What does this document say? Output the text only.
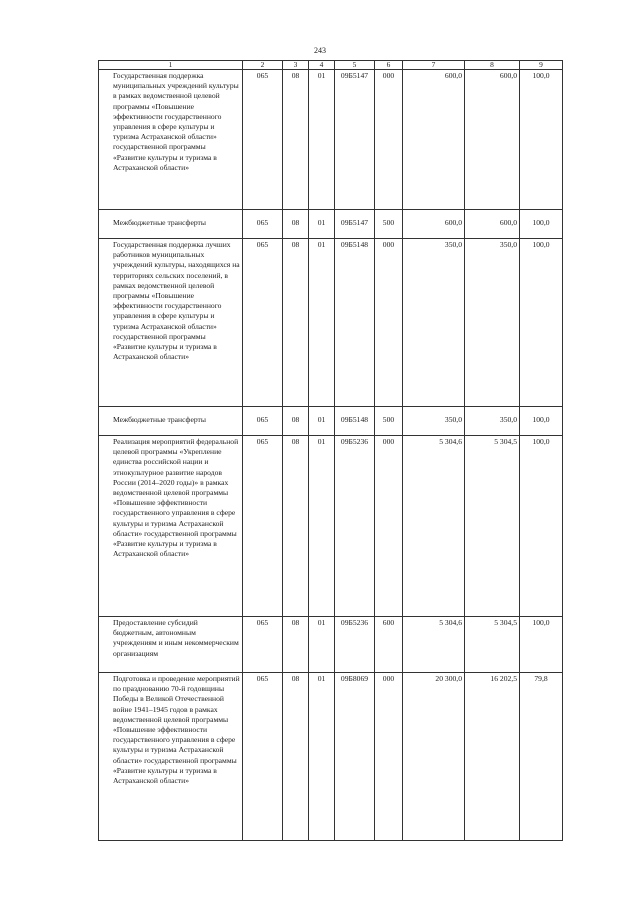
243
1	2	3	4	5	6	7	8	9
Государственная поддержка муниципальных учреждений культуры в рамках ведомственной целевой программы «Повышение эффективности государственного управления в сфере культуры и туризма Астраханской области» государственной программы «Развитие культуры и туризма в Астраханской области»	065	08	01	09Б5147	000	600,0	600,0	100,0
Межбюджетные трансферты	065	08	01	09Б5147	500	600,0	600,0	100,0
Государственная поддержка лучших работников муниципальных учреждений культуры, находящихся на территориях сельских поселений, в рамках ведомственной целевой программы «Повышение эффективности государственного управления в сфере культуры и туризма Астраханской области» государственной программы «Развитие культуры и туризма в Астраханской области»	065	08	01	09Б5148	000	350,0	350,0	100,0
Межбюджетные трансферты	065	08	01	09Б5148	500	350,0	350,0	100,0
Реализация мероприятий федеральной целевой программы «Укрепление единства российской нации и этнокультурное развитие народов России (2014–2020 годы)» в рамках ведомственной целевой программы «Повышение эффективности государственного управления в сфере культуры и туризма Астраханской области» государственной программы «Развитие культуры и туризма в Астраханской области»	065	08	01	09Б5236	000	5 304,6	5 304,5	100,0
Предоставление субсидий бюджетным, автономным учреждениям и иным некоммерческим организациям	065	08	01	09Б5236	600	5 304,6	5 304,5	100,0
Подготовка и проведение мероприятий по празднованию 70-й годовщины Победы в Великой Отечественной войне 1941–1945 годов в рамках ведомственной целевой программы «Повышение эффективности государственного управления в сфере культуры и туризма Астраханской области» государственной программы «Развитие культуры и туризма в Астраханской области»	065	08	01	09Б8069	000	20 300,0	16 202,5	79,8
